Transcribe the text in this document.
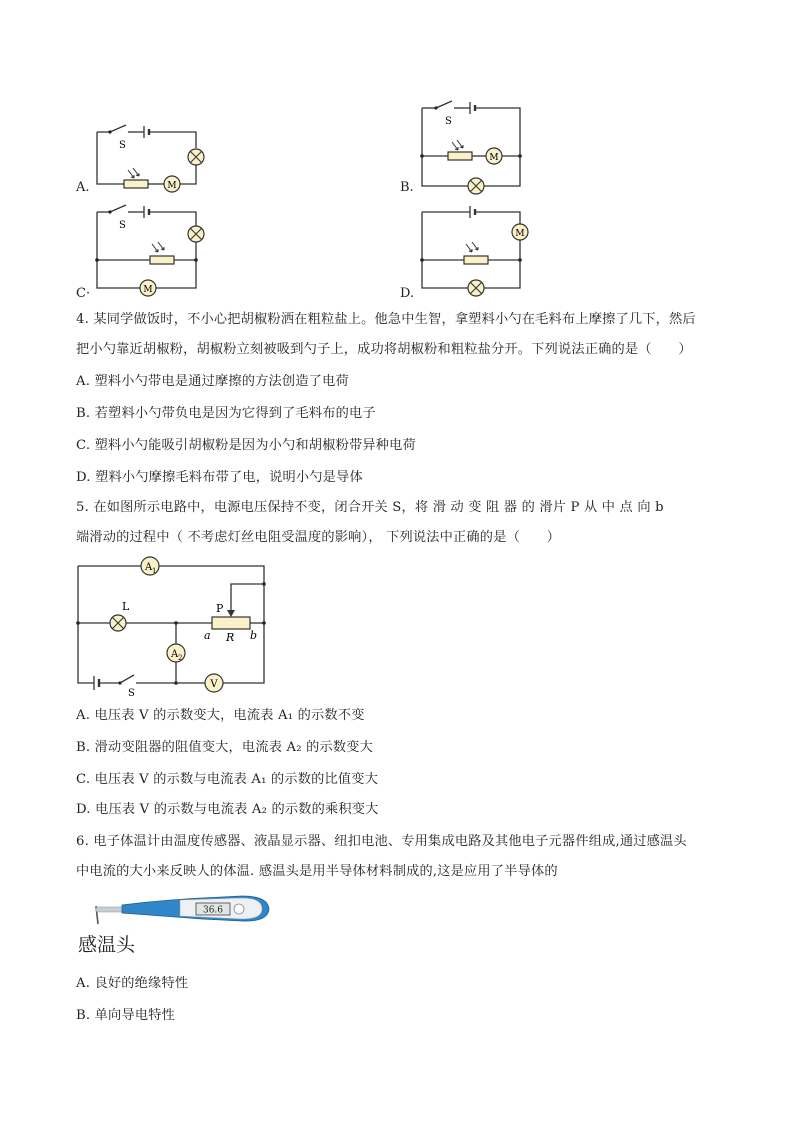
A.	M
S
B.
M
S
C·	M
S
D.
M
4. 某同学做饭时，不小心把胡椒粉洒在粗粒盐上。他急中生智，拿塑料小勺在毛料布上摩擦了几下，然后
把小勺靠近胡椒粉，胡椒粉立刻被吸到勺子上，成功将胡椒粉和粗粒盐分开。下列说法正确的是（　　）
A. 塑料小勺带电是通过摩擦的方法创造了电荷
B. 若塑料小勺带负电是因为它得到了毛料布的电子
C. 塑料小勺能吸引胡椒粉是因为小勺和胡椒粉带异种电荷
D. 塑料小勺摩擦毛料布带了电，说明小勺是导体
5. 在如图所示电路中，电源电压保持不变，闭合开关 S，将 滑 动 变 阻 器 的 滑片 P 从 中 点 向 b
端滑动的过程中（ 不考虑灯丝电阻受温度的影响）， 下列说法中正确的是（　　）
A 1
S
V
L	P
a R b
A 2
A. 电压表 V 的示数变大，电流表 A₁ 的示数不变
B. 滑动变阻器的阻值变大，电流表 A₂ 的示数变大
C. 电压表 V 的示数与电流表 A₁ 的示数的比值变大
D. 电压表 V 的示数与电流表 A₂ 的示数的乘积变大
6. 电子体温计由温度传感器、液晶显示器、纽扣电池、专用集成电路及其他电子元器件组成,通过感温头
中电流的大小来反映人的体温. 感温头是用半导体材料制成的,这是应用了半导体的
36.6
感温头
A. 良好的绝缘特性
B. 单向导电特性
